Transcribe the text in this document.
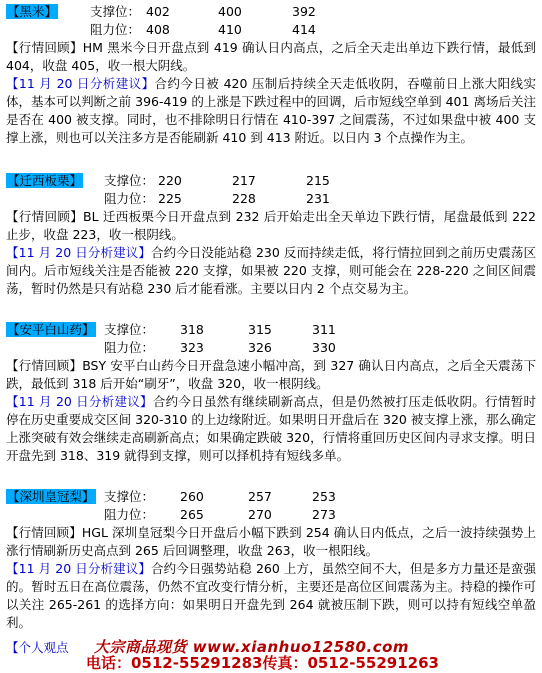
【黑米】	支撑位： 402	400	392
阻力位： 408	410	414
【行情回顾】HM 黑米今日开盘点到 419 确认日内高点，之后全天走出单边下跌行情，最低到 404，收盘 405，收一根大阴线。
【11 月 20 日分析建议】合约今日被 420 压制后持续全天走低收阴，吞噬前日上涨大阳线实体，基本可以判断之前 396-419 的上涨是下跌过程中的回调，后市短线空单到 401 离场后关注是否在 400 被支撑。同时，也不排除明日行情在 410-397 之间震荡，不过如果盘中被 400 支撑上涨，则也可以关注多方是否能刷新 410 到 413 附近。以日内 3 个点操作为主。
【迁西板栗】 支撑位： 220	217	215
阻力位： 225	228	231
【行情回顾】BL 迁西板栗今日开盘点到 232 后开始走出全天单边下跌行情，尾盘最低到 222 止步，收盘 223，收一根阴线。
【11 月 20 日分析建议】合约今日没能站稳 230 反而持续走低，将行情拉回到之前历史震荡区间内。后市短线关注是否能被 220 支撑，如果被 220 支撑，则可能会在 228-220 之间区间震荡，暂时仍然是只有站稳 230 后才能看涨。主要以日内 2 个点交易为主。
【安平白山药】 支撑位： 318	315	311
阻力位： 323	326	330
【行情回顾】BSY 安平白山药今日开盘急速小幅冲高，到 327 确认日内高点，之后全天震荡下跌，最低到 318 后开始“刷牙”，收盘 320，收一根阴线。
【11 月 20 日分析建议】合约今日虽然有继续刷新高点，但是仍然被打压走低收阴。行情暂时停在历史重要成交区间 320-310 的上边缘附近。如果明日开盘后在 320 被支撑上涨，那么确定上涨突破有效会继续走高刷新高点；如果确定跌破 320，行情将重回历史区间内寻求支撑。明日开盘先到 318、319 就得到支撑，则可以择机持有短线多单。
【深圳皇冠梨】 支撑位： 260	257	253
阻力位： 265	270	273
【行情回顾】HGL 深圳皇冠梨今日开盘后小幅下跌到 254 确认日内低点，之后一波持续强势上涨行情刷新历史高点到 265 后回调整理，收盘 263，收一根阳线。
【11 月 20 日分析建议】合约今日强势站稳 260 上方，虽然空间不大，但是多方力量还是蛮强的。暂时五日在高位震荡，仍然不宜改变行情分析，主要还是高位区间震荡为主。持稳的操作可以关注 265-261 的选择方向：如果明日开盘先到 264 就被压制下跌，则可以持有短线空单盈利。
【个人观点 大宗商品现货 www.xianhuo12580.com
电话：0512-55291283传真：0512-55291263
